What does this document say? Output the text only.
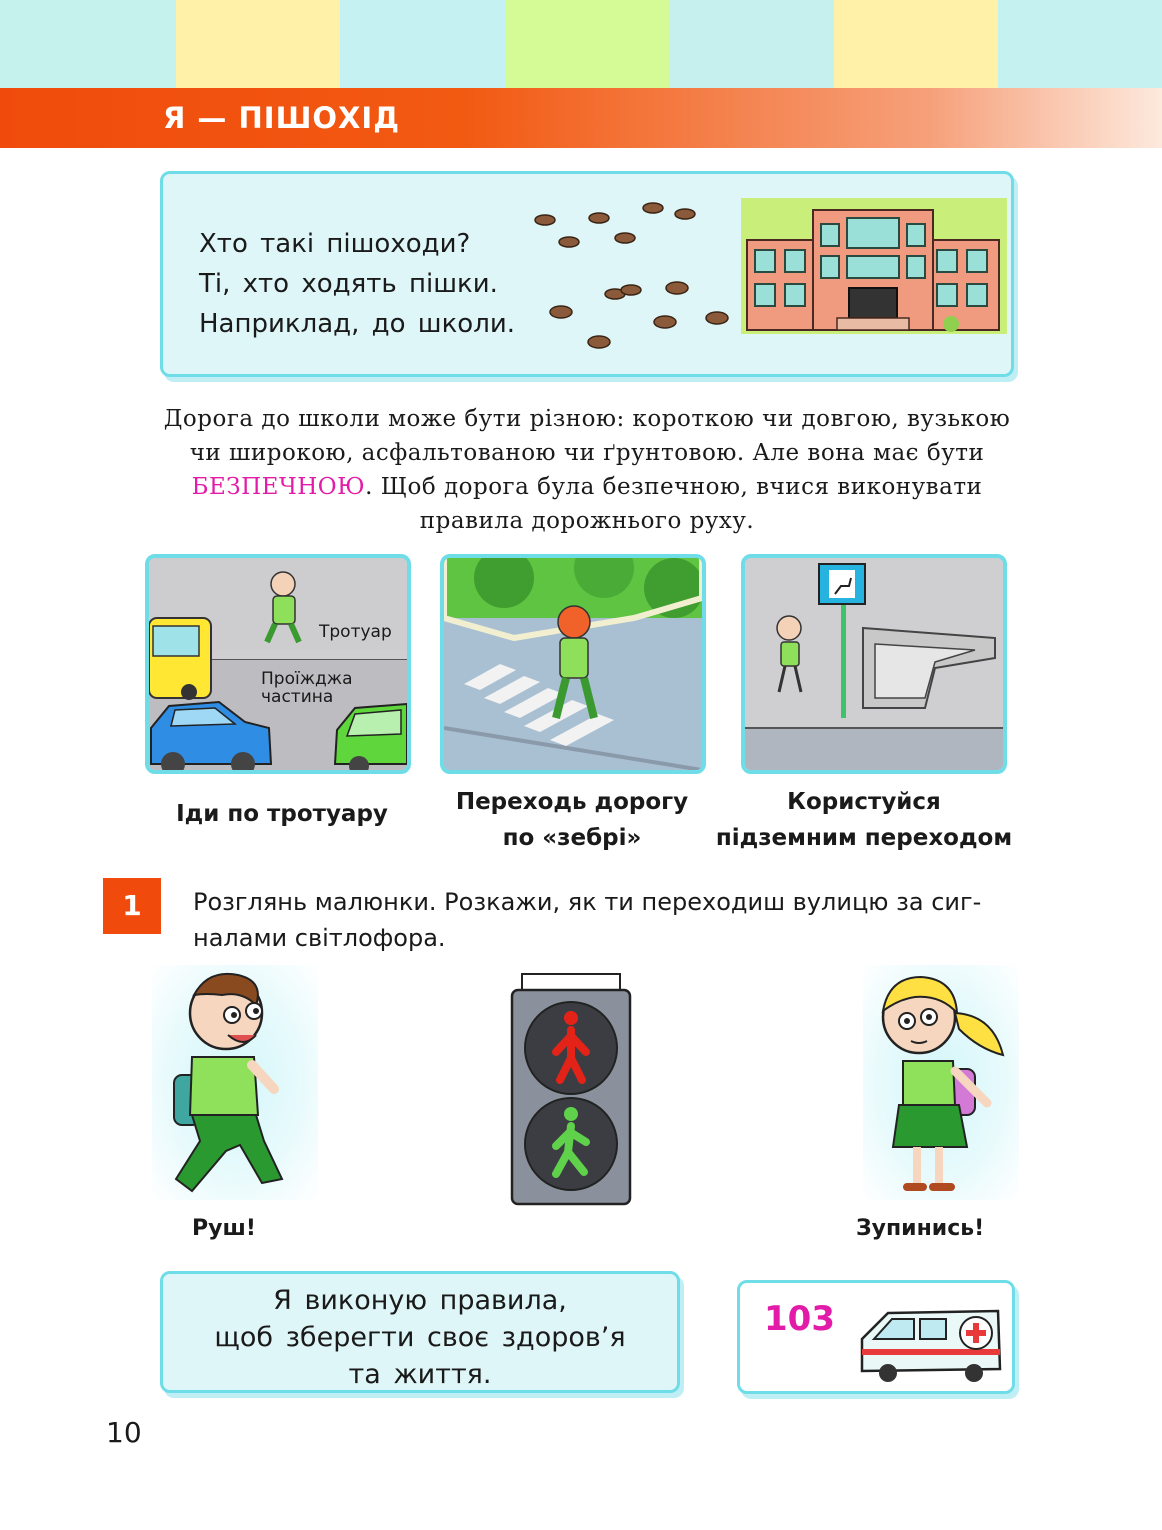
Я — ПІШОХІД
Хто такі пішоходи?
Ті, хто ходять пішки.
Наприклад, до школи.
Дорога до школи може бути різною: короткою чи довгою, вузькою чи широкою, асфальтованою чи ґрунтовою. Але вона має бути БЕЗПЕЧНОЮ. Щоб дорога була безпечною, вчися виконувати правила дорожнього руху.
Тротуар
Проїжджа
частина
Іди по тротуару	Переходь дорогу
по «зебрі»
Користуйся
підземним переходом
1	Розглянь малюнки. Розкажи, як ти переходиш вулицю за сиг-
налами світлофора.
Руш!	Зупинись!
Я виконую правила,
щоб зберегти своє здоров’я
та життя.
103
10
